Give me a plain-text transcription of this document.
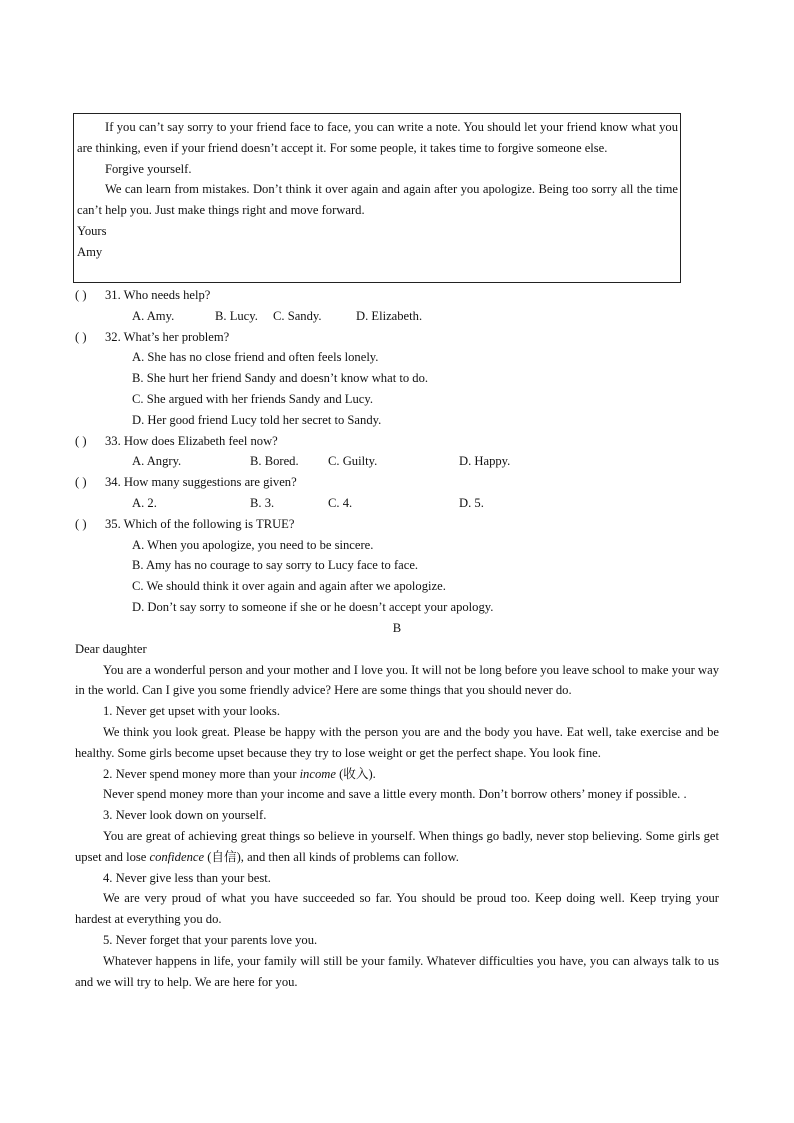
If you can’t say sorry to your friend face to face, you can write a note. You should let your friend know what you are thinking, even if your friend doesn’t accept it. For some people, it takes time to forgive someone else.

Forgive yourself.

We can learn from mistakes. Don’t think it over again and again after you apologize. Being too sorry all the time can’t help you. Just make things right and move forward.

Yours

Amy

( ) 31. Who needs help?
A. Amy.	B. Lucy. C. Sandy.	D. Elizabeth.
( ) 32. What’s her problem?
A. She has no close friend and often feels lonely.
B. She hurt her friend Sandy and doesn’t know what to do.
C. She argued with her friends Sandy and Lucy.
D. Her good friend Lucy told her secret to Sandy.
( ) 33. How does Elizabeth feel now?
A. Angry.	B. Bored. C. Guilty.	D. Happy.
( ) 34. How many suggestions are given?
A. 2.	B. 3.	C. 4.	D. 5.
( ) 35. Which of the following is TRUE?
A. When you apologize, you need to be sincere.
B. Amy has no courage to say sorry to Lucy face to face.
C. We should think it over again and again after we apologize.
D. Don’t say sorry to someone if she or he doesn’t accept your apology.

B

Dear daughter

You are a wonderful person and your mother and I love you. It will not be long before you leave school to make your way in the world. Can I give you some friendly advice? Here are some things that you should never do.

1. Never get upset with your looks.

We think you look great. Please be happy with the person you are and the body you have. Eat well, take exercise and be healthy. Some girls become upset because they try to lose weight or get the perfect shape. You look fine.

2. Never spend money more than your income (收入).

Never spend money more than your income and save a little every month. Don’t borrow others’ money if possible. .

3. Never look down on yourself.

You are great of achieving great things so believe in yourself. When things go badly, never stop believing. Some girls get upset and lose confidence (自信), and then all kinds of problems can follow.

4. Never give less than your best.

We are very proud of what you have succeeded so far. You should be proud too. Keep doing well. Keep trying your hardest at everything you do.

5. Never forget that your parents love you.

Whatever happens in life, your family will still be your family. Whatever difficulties you have, you can always talk to us and we will try to help. We are here for you.
